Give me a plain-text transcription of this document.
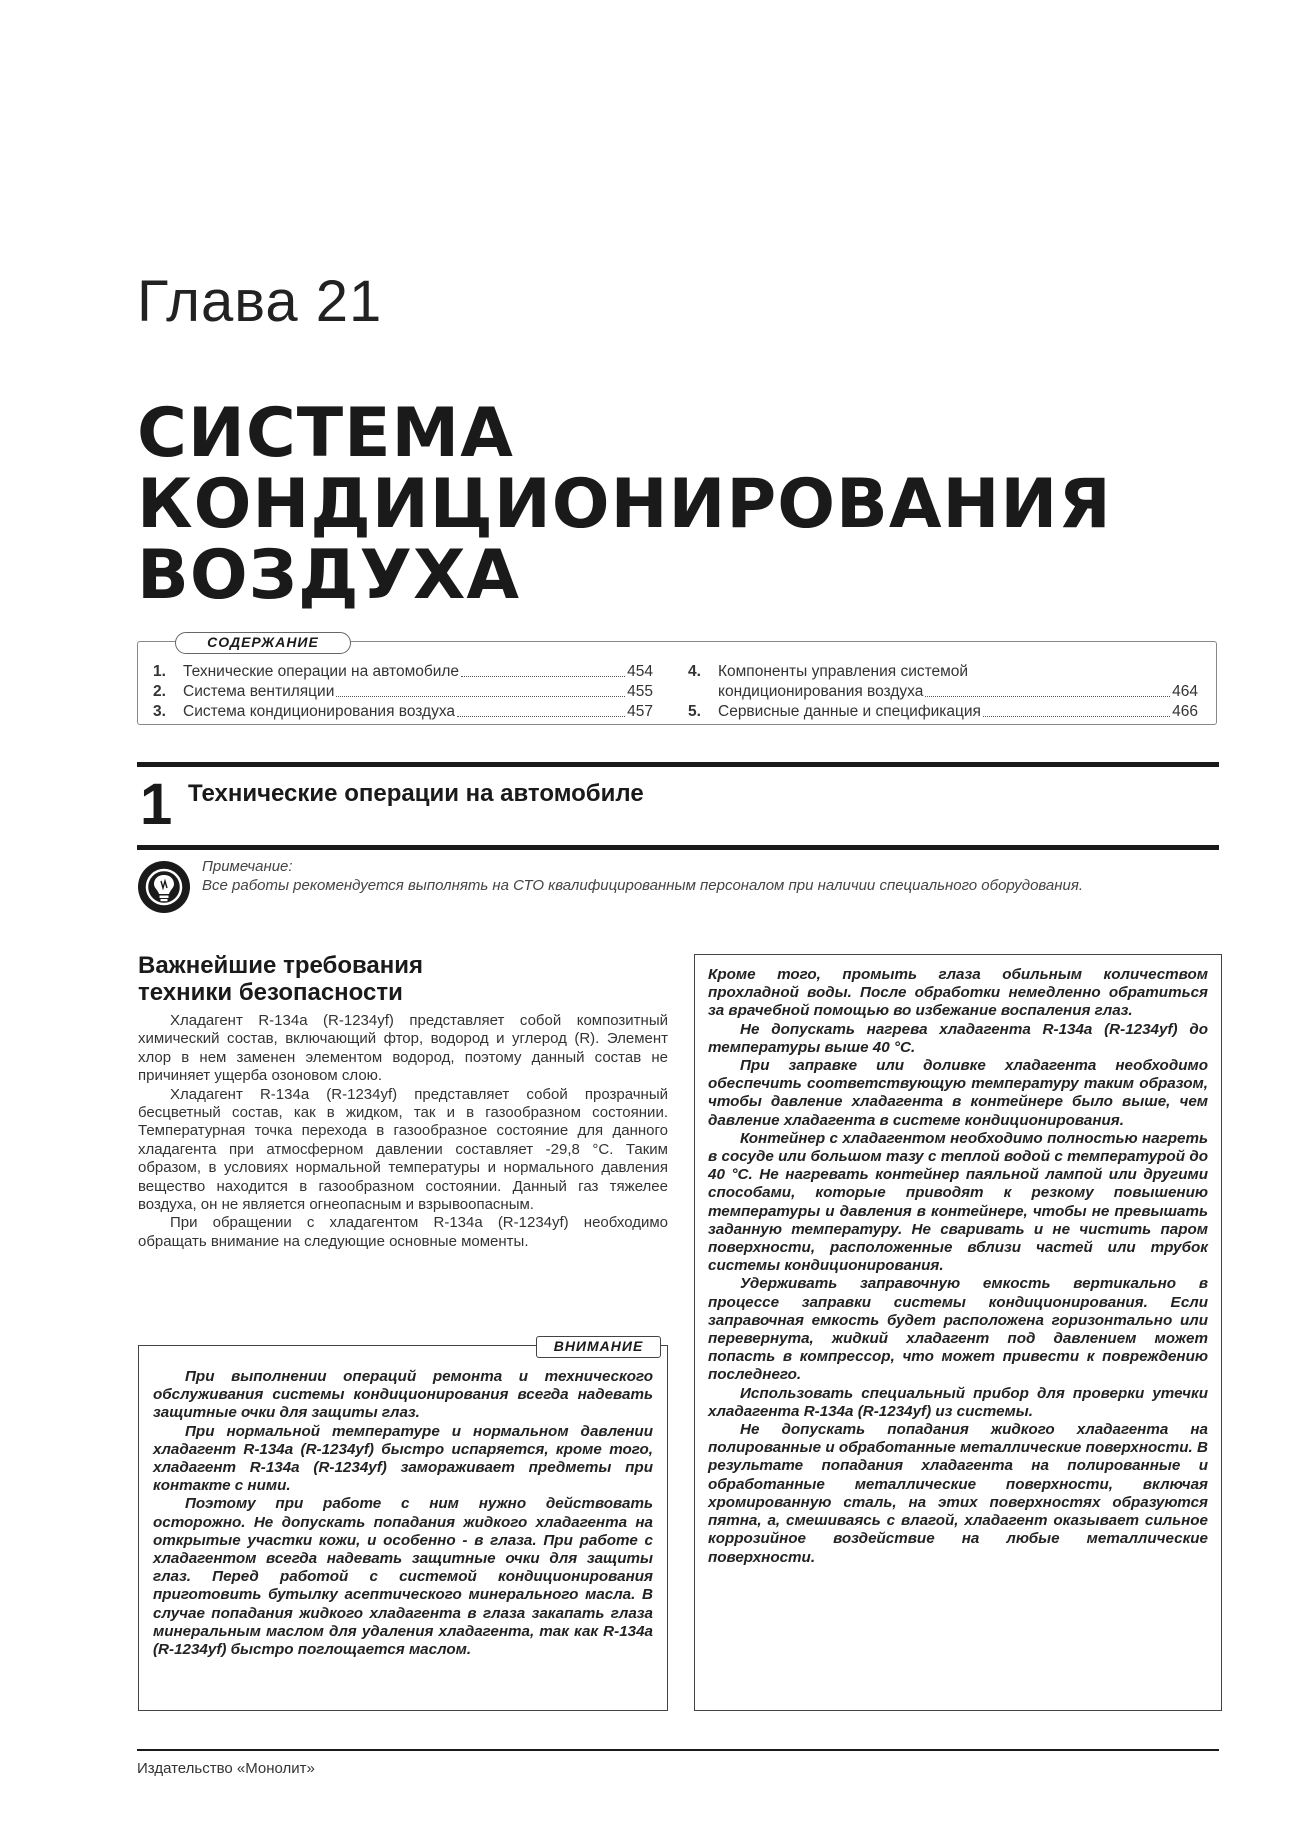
Глава 21
СИСТЕМА
КОНДИЦИОНИРОВАНИЯ
ВОЗДУХА
СОДЕРЖАНИЕ
1.	Технические операции на автомобиле	454
2.	Система вентиляции	455
3.	Система кондиционирования воздуха	457
4.	Компоненты управления системой
кондиционирования воздуха	464
5.	Сервисные данные и спецификация	466
1 Технические операции на автомобиле
Примечание:
Все работы рекомендуется выполнять на СТО квалифицированным персоналом при наличии специального оборудования.
Важнейшие требования
техники безопасности

Хладагент R-134a (R-1234yf) представляет собой композитный химический состав, включающий фтор, водород и углерод (R). Элемент хлор в нем заменен элементом водород, поэтому данный состав не причиняет ущерба озоновом слою.

Хладагент R-134a (R-1234yf) представляет собой прозрачный бесцветный состав, как в жидком, так и в газообразном состоянии. Температурная точка перехода в газообразное состояние для данного хладагента при атмосферном давлении составляет -29,8 °С. Таким образом, в условиях нормальной температуры и нормального давления вещество находится в газообразном состоянии. Данный газ тяжелее воздуха, он не является огнеопасным и взрывоопасным.

При обращении с хладагентом R-134a (R-1234yf) необходимо обращать внимание на следующие основные моменты.

ВНИМАНИЕ

При выполнении операций ремонта и технического обслуживания системы кондиционирования всегда надевать защитные очки для защиты глаз.

При нормальной температуре и нормальном давлении хладагент R-134a (R-1234yf) быстро испаряется, кроме того, хладагент R-134a (R-1234yf) замораживает предметы при контакте с ними.

Поэтому при работе с ним нужно действовать осторожно. Не допускать попадания жидкого хладагента на открытые участки кожи, и особенно - в глаза. При работе с хладагентом всегда надевать защитные очки для защиты глаз. Перед работой с системой кондиционирования приготовить бутылку асептического минерального масла. В случае попадания жидкого хладагента в глаза закапать глаза минеральным маслом для удаления хладагента, так как R-134a (R-1234yf) быстро поглощается маслом.

Кроме того, промыть глаза обильным количеством прохладной воды. После обработки немедленно обратиться за врачебной помощью во избежание воспаления глаз.

Не допускать нагрева хладагента R-134a (R-1234yf) до температуры выше 40 °С.

При заправке или доливке хладагента необходимо обеспечить соответствующую температуру таким образом, чтобы давление хладагента в контейнере было выше, чем давление хладагента в системе кондиционирования.

Контейнер с хладагентом необходимо полностью нагреть в сосуде или большом тазу с теплой водой с температурой до 40 °С. Не нагревать контейнер паяльной лампой или другими способами, которые приводят к резкому повышению температуры и давления в контейнере, чтобы не превышать заданную температуру. Не сваривать и не чистить паром поверхности, расположенные вблизи частей или трубок системы кондиционирования.

Удерживать заправочную емкость вертикально в процессе заправки системы кондиционирования. Если заправочная емкость будет расположена горизонтально или перевернута, жидкий хладагент под давлением может попасть в компрессор, что может привести к повреждению последнего.

Использовать специальный прибор для проверки утечки хладагента R-134a (R-1234yf) из системы.

Не допускать попадания жидкого хладагента на полированные и обработанные металлические поверхности. В результате попадания хладагента на полированные и обработанные металлические поверхности, включая хромированную сталь, на этих поверхностях образуются пятна, а, смешиваясь с влагой, хладагент оказывает сильное коррозийное воздействие на любые металлические поверхности.

Издательство «Монолит»
